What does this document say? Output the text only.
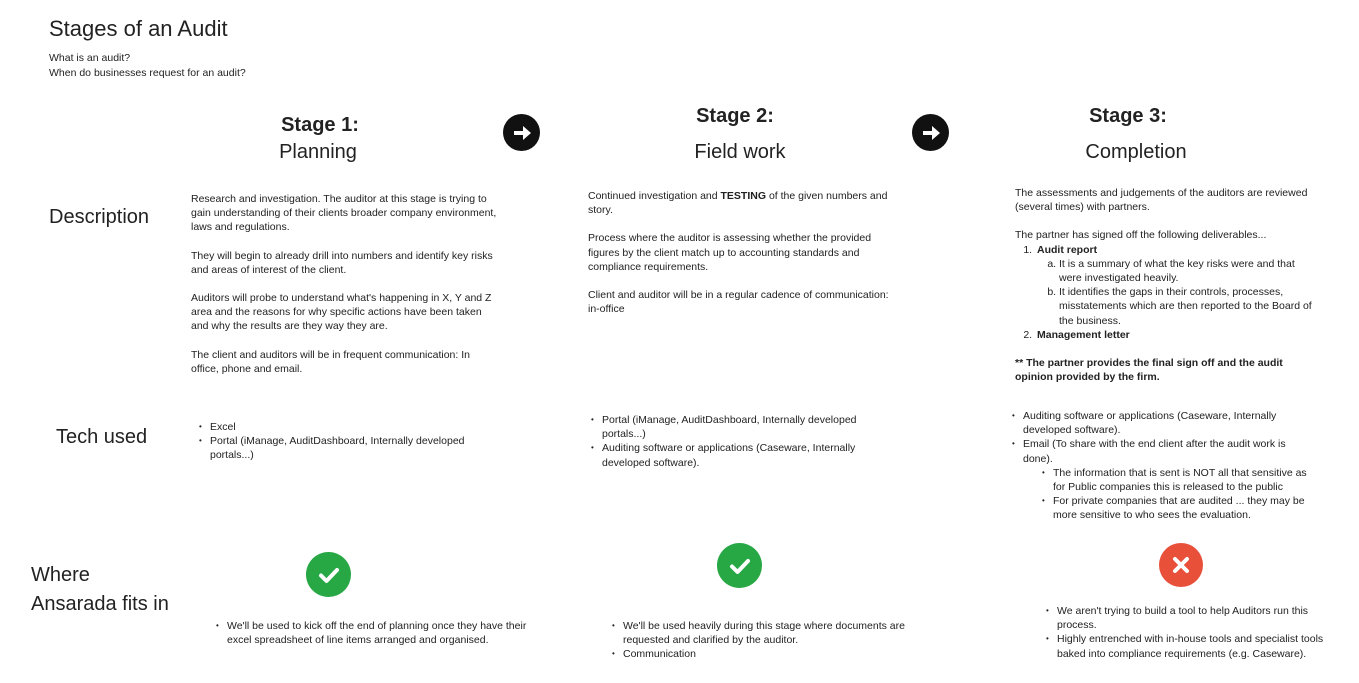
Stages of an Audit
What is an audit?
When do businesses request for an audit?
Stage 1:
Planning
Stage 2:
Field work
Stage 3:
Completion
Description
Tech used
Where
Ansarada fits in

Research and investigation. The auditor at this stage is trying to gain understanding of their clients broader company environment, laws and regulations.

They will begin to already drill into numbers and identify key risks and areas of interest of the client.

Auditors will probe to understand what's happening in X, Y and Z area and the reasons for why specific actions have been taken and why the results are they way they are.

The client and auditors will be in frequent communication: In office, phone and email.

Continued investigation and TESTING of the given numbers and story.

Process where the auditor is assessing whether the provided figures by the client match up to accounting standards and compliance requirements.

Client and auditor will be in a regular cadence of communication: in-office

The assessments and judgements of the auditors are reviewed (several times) with partners.

The partner has signed off the following deliverables...
1. Audit report
a. It is a summary of what the key risks were and that were investigated heavily.
b. It identifies the gaps in their controls, processes, misstatements which are then reported to the Board of the business.
2. Management letter

** The partner provides the final sign off and the audit opinion provided by the firm.

• Excel
• Portal (iManage, AuditDashboard, Internally developed portals...)
• Portal (iManage, AuditDashboard, Internally developed portals...)
• Auditing software or applications (Caseware, Internally developed software).
• Auditing software or applications (Caseware, Internally developed software).
• Email (To share with the end client after the audit work is done).
• The information that is sent is NOT all that sensitive as for Public companies this is released to the public
• For private companies that are audited ... they may be more sensitive to who sees the evaluation.
• We'll be used to kick off the end of planning once they have their excel spreadsheet of line items arranged and organised.
• We'll be used heavily during this stage where documents are requested and clarified by the auditor.
• Communication
• We aren't trying to build a tool to help Auditors run this process.
• Highly entrenched with in-house tools and specialist tools baked into compliance requirements (e.g. Caseware).
